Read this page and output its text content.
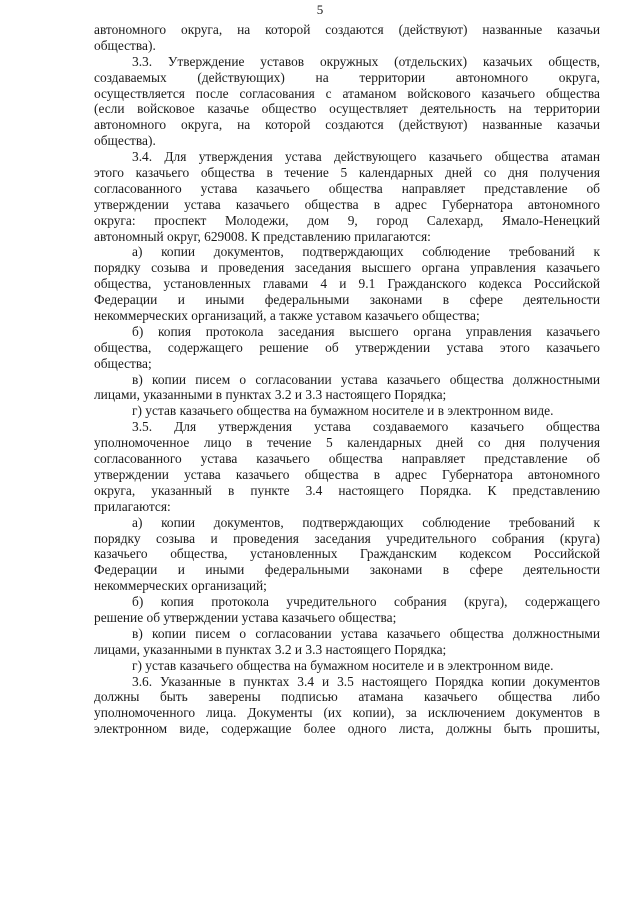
5
автономного округа, на которой создаются (действуют) названные казачьи
общества).
3.3. Утверждение уставов окружных (отдельских) казачьих обществ,
создаваемых (действующих) на территории автономного округа,
осуществляется после согласования с атаманом войскового казачьего общества
(если войсковое казачье общество осуществляет деятельность на территории
автономного округа, на которой создаются (действуют) названные казачьи
общества).
3.4. Для утверждения устава действующего казачьего общества атаман
этого казачьего общества в течение 5 календарных дней со дня получения
согласованного устава казачьего общества направляет представление об
утверждении устава казачьего общества в адрес Губернатора автономного
округа: проспект Молодежи, дом 9, город Салехард, Ямало-Ненецкий
автономный округ, 629008. К представлению прилагаются:
а) копии документов, подтверждающих соблюдение требований к
порядку созыва и проведения заседания высшего органа управления казачьего
общества, установленных главами 4 и 9.1 Гражданского кодекса Российской
Федерации и иными федеральными законами в сфере деятельности
некоммерческих организаций, а также уставом казачьего общества;
б) копия протокола заседания высшего органа управления казачьего
общества, содержащего решение об утверждении устава этого казачьего
общества;
в) копии писем о согласовании устава казачьего общества должностными
лицами, указанными в пунктах 3.2 и 3.3 настоящего Порядка;
г) устав казачьего общества на бумажном носителе и в электронном виде.
3.5. Для утверждения устава создаваемого казачьего общества
уполномоченное лицо в течение 5 календарных дней со дня получения
согласованного устава казачьего общества направляет представление об
утверждении устава казачьего общества в адрес Губернатора автономного
округа, указанный в пункте 3.4 настоящего Порядка. К представлению
прилагаются:
а) копии документов, подтверждающих соблюдение требований к
порядку созыва и проведения заседания учредительного собрания (круга)
казачьего общества, установленных Гражданским кодексом Российской
Федерации и иными федеральными законами в сфере деятельности
некоммерческих организаций;
б) копия протокола учредительного собрания (круга), содержащего
решение об утверждении устава казачьего общества;
в) копии писем о согласовании устава казачьего общества должностными
лицами, указанными в пунктах 3.2 и 3.3 настоящего Порядка;
г) устав казачьего общества на бумажном носителе и в электронном виде.
3.6. Указанные в пунктах 3.4 и 3.5 настоящего Порядка копии документов
должны быть заверены подписью атамана казачьего общества либо
уполномоченного лица. Документы (их копии), за исключением документов в
электронном виде, содержащие более одного листа, должны быть прошиты,
